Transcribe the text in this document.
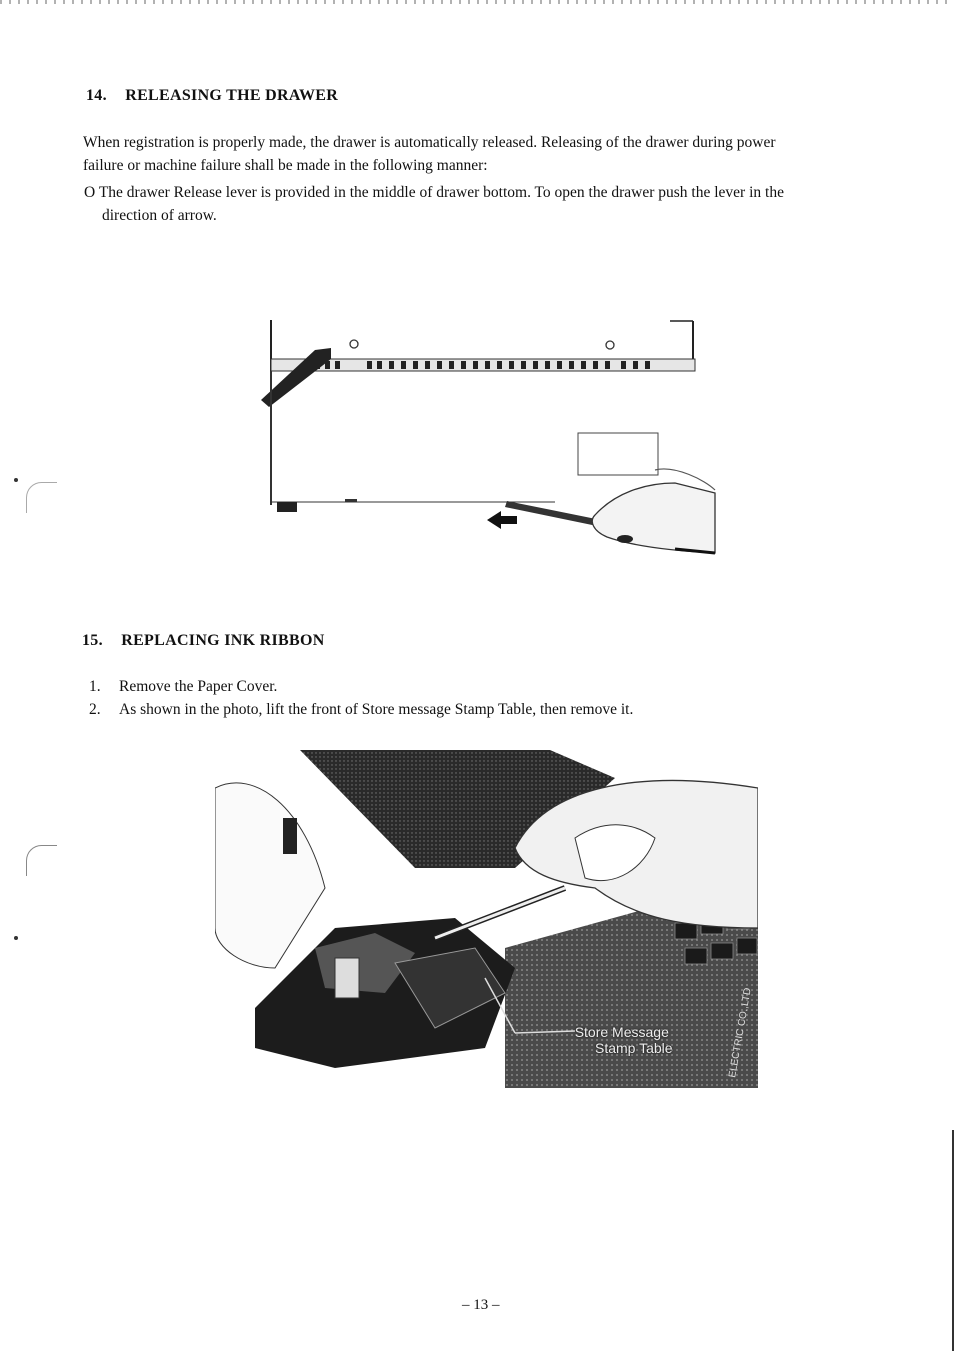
14. RELEASING THE DRAWER
When registration is properly made, the drawer is automatically released. Releasing of the drawer during power
failure or machine failure shall be made in the following manner:
O The drawer Release lever is provided in the middle of drawer bottom. To open the drawer push the lever in the
direction of arrow.
15. REPLACING INK RIBBON
1. Remove the Paper Cover.
2. As shown in the photo, lift the front of Store message Stamp Table, then remove it.
ELECTRIC CO.,LTD
Store Message
Stamp Table
– 13 –
